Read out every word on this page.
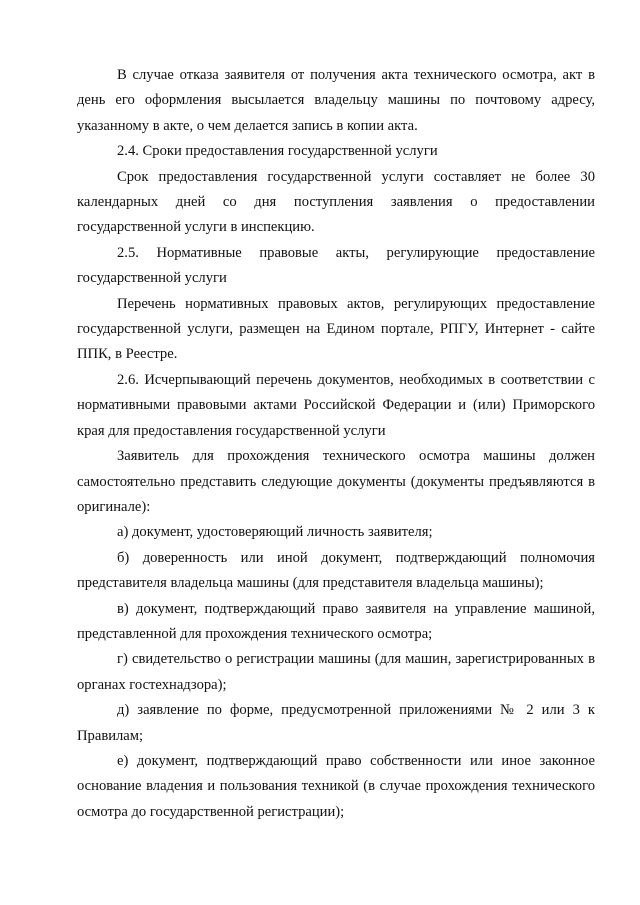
В случае отказа заявителя от получения акта технического осмотра, акт в день его оформления высылается владельцу машины по почтовому адресу, указанному в акте, о чем делается запись в копии акта.

2.4. Сроки предоставления государственной услуги

Срок предоставления государственной услуги составляет не более 30 календарных дней со дня поступления заявления о предоставлении государственной услуги в инспекцию.

2.5. Нормативные правовые акты, регулирующие предоставление государственной услуги

Перечень нормативных правовых актов, регулирующих предоставление государственной услуги, размещен на Едином портале, РПГУ, Интернет - сайте ППК, в Реестре.

2.6. Исчерпывающий перечень документов, необходимых в соответствии с нормативными правовыми актами Российской Федерации и (или) Приморского края для предоставления государственной услуги

Заявитель для прохождения технического осмотра машины должен самостоятельно представить следующие документы (документы предъявляются в оригинале):

а) документ, удостоверяющий личность заявителя;

б) доверенность или иной документ, подтверждающий полномочия представителя владельца машины (для представителя владельца машины);

в) документ, подтверждающий право заявителя на управление машиной, представленной для прохождения технического осмотра;

г) свидетельство о регистрации машины (для машин, зарегистрированных в органах гостехнадзора);

д) заявление по форме, предусмотренной приложениями № 2 или 3 к Правилам;

е) документ, подтверждающий право собственности или иное законное основание владения и пользования техникой (в случае прохождения технического осмотра до государственной регистрации);
